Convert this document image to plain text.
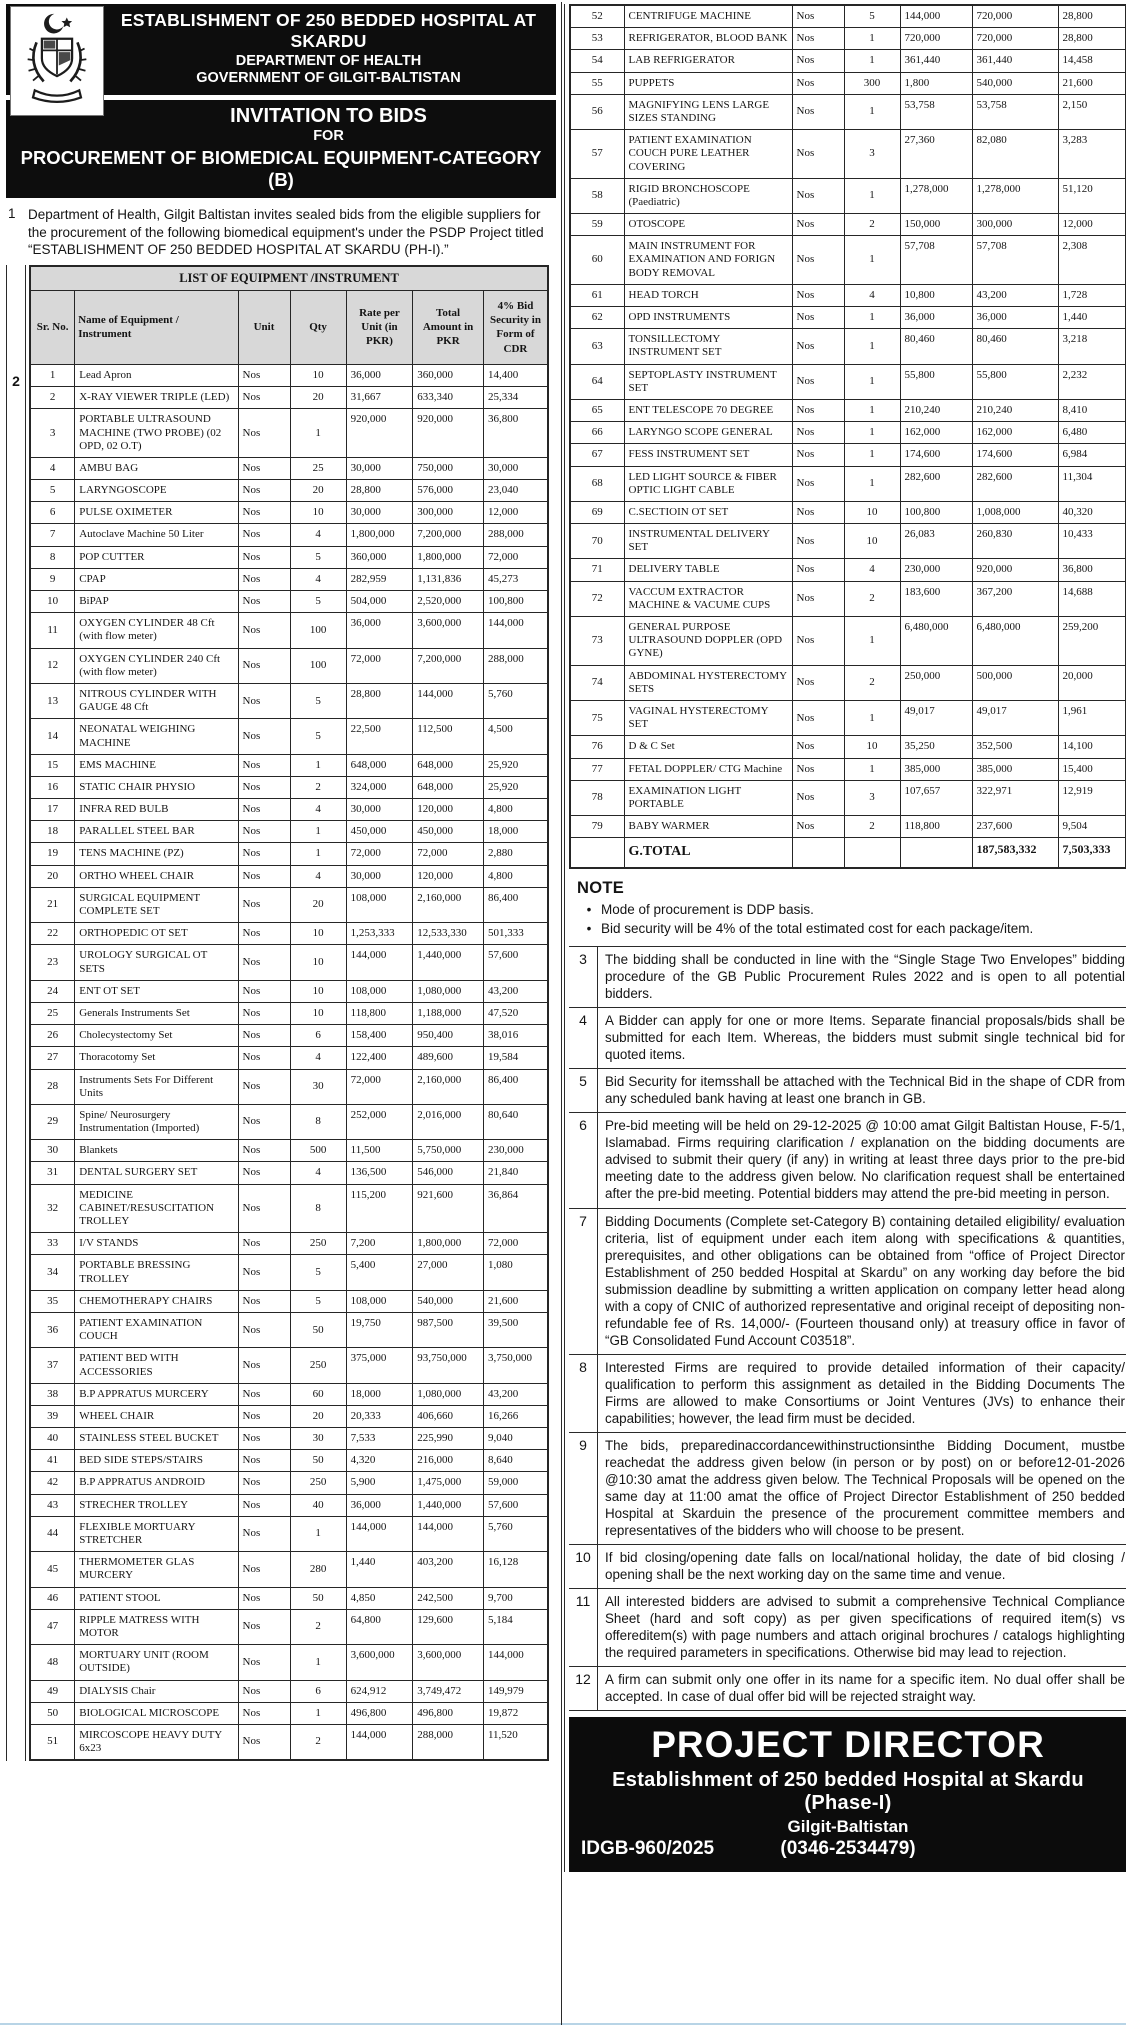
ESTABLISHMENT OF 250 BEDDED HOSPITAL AT SKARDU
DEPARTMENT OF HEALTH
GOVERNMENT OF GILGIT-BALTISTAN
INVITATION TO BIDS
FOR
PROCUREMENT OF BIOMEDICAL EQUIPMENT-CATEGORY (B)
1 Department of Health, Gilgit Baltistan invites sealed bids from the eligible suppliers for the procurement of the following biomedical equipment's under the PSDP Project titled “ESTABLISHMENT OF 250 BEDDED HOSPITAL AT SKARDU (PH-I).”
2
LIST OF EQUIPMENT /INSTRUMENT						
Sr. No.	Name of Equipment / Instrument	Unit	Qty	Rate per Unit (in PKR)	Total Amount in PKR	4% Bid Security in Form of CDR
1	Lead Apron	Nos	10	36,000	360,000	14,400
2	X-RAY VIEWER TRIPLE (LED)	Nos	20	31,667	633,340	25,334
3	PORTABLE ULTRASOUND MACHINE (TWO PROBE) (02 OPD, 02 O.T)	Nos	1	920,000	920,000	36,800
4	AMBU BAG	Nos	25	30,000	750,000	30,000
5	LARYNGOSCOPE	Nos	20	28,800	576,000	23,040
6	PULSE OXIMETER	Nos	10	30,000	300,000	12,000
7	Autoclave Machine 50 Liter	Nos	4	1,800,000	7,200,000	288,000
8	POP CUTTER	Nos	5	360,000	1,800,000	72,000
9	CPAP	Nos	4	282,959	1,131,836	45,273
10	BiPAP	Nos	5	504,000	2,520,000	100,800
11	OXYGEN CYLINDER 48 Cft (with flow meter)	Nos	100	36,000	3,600,000	144,000
12	OXYGEN CYLINDER 240 Cft (with flow meter)	Nos	100	72,000	7,200,000	288,000
13	NITROUS CYLINDER WITH GAUGE 48 Cft	Nos	5	28,800	144,000	5,760
14	NEONATAL WEIGHING MACHINE	Nos	5	22,500	112,500	4,500
15	EMS MACHINE	Nos	1	648,000	648,000	25,920
16	STATIC CHAIR PHYSIO	Nos	2	324,000	648,000	25,920
17	INFRA RED BULB	Nos	4	30,000	120,000	4,800
18	PARALLEL STEEL BAR	Nos	1	450,000	450,000	18,000
19	TENS MACHINE (PZ)	Nos	1	72,000	72,000	2,880
20	ORTHO WHEEL CHAIR	Nos	4	30,000	120,000	4,800
21	SURGICAL EQUIPMENT COMPLETE SET	Nos	20	108,000	2,160,000	86,400
22	ORTHOPEDIC OT SET	Nos	10	1,253,333	12,533,330	501,333
23	UROLOGY SURGICAL OT SETS	Nos	10	144,000	1,440,000	57,600
24	ENT OT SET	Nos	10	108,000	1,080,000	43,200
25	Generals Instruments Set	Nos	10	118,800	1,188,000	47,520
26	Cholecystectomy Set	Nos	6	158,400	950,400	38,016
27	Thoracotomy Set	Nos	4	122,400	489,600	19,584
28	Instruments Sets For Different Units	Nos	30	72,000	2,160,000	86,400
29	Spine/ Neurosurgery Instrumentation (Imported)	Nos	8	252,000	2,016,000	80,640
30	Blankets	Nos	500	11,500	5,750,000	230,000
31	DENTAL SURGERY SET	Nos	4	136,500	546,000	21,840
32	MEDICINE CABINET/RESUSCITATION TROLLEY	Nos	8	115,200	921,600	36,864
33	I/V STANDS	Nos	250	7,200	1,800,000	72,000
34	PORTABLE BRESSING TROLLEY	Nos	5	5,400	27,000	1,080
35	CHEMOTHERAPY CHAIRS	Nos	5	108,000	540,000	21,600
36	PATIENT EXAMINATION COUCH	Nos	50	19,750	987,500	39,500
37	PATIENT BED WITH ACCESSORIES	Nos	250	375,000	93,750,000	3,750,000
38	B.P APPRATUS MURCERY	Nos	60	18,000	1,080,000	43,200
39	WHEEL CHAIR	Nos	20	20,333	406,660	16,266
40	STAINLESS STEEL BUCKET	Nos	30	7,533	225,990	9,040
41	BED SIDE STEPS/STAIRS	Nos	50	4,320	216,000	8,640
42	B.P APPRATUS ANDROID	Nos	250	5,900	1,475,000	59,000
43	STRECHER TROLLEY	Nos	40	36,000	1,440,000	57,600
44	FLEXIBLE MORTUARY STRETCHER	Nos	1	144,000	144,000	5,760
45	THERMOMETER GLAS MURCERY	Nos	280	1,440	403,200	16,128
46	PATIENT STOOL	Nos	50	4,850	242,500	9,700
47	RIPPLE MATRESS WITH MOTOR	Nos	2	64,800	129,600	5,184
48	MORTUARY UNIT (ROOM OUTSIDE)	Nos	1	3,600,000	3,600,000	144,000
49	DIALYSIS Chair	Nos	6	624,912	3,749,472	149,979
50	BIOLOGICAL MICROSCOPE	Nos	1	496,800	496,800	19,872
51	MIRCOSCOPE HEAVY DUTY 6x23	Nos	2	144,000	288,000	11,520
52	CENTRIFUGE MACHINE	Nos	5	144,000	720,000	28,800
53	REFRIGERATOR, BLOOD BANK	Nos	1	720,000	720,000	28,800
54	LAB REFRIGERATOR	Nos	1	361,440	361,440	14,458
55	PUPPETS	Nos	300	1,800	540,000	21,600
56	MAGNIFYING LENS LARGE SIZES STANDING	Nos	1	53,758	53,758	2,150
57	PATIENT EXAMINATION COUCH PURE LEATHER COVERING	Nos	3	27,360	82,080	3,283
58	RIGID BRONCHOSCOPE (Paediatric)	Nos	1	1,278,000	1,278,000	51,120
59	OTOSCOPE	Nos	2	150,000	300,000	12,000
60	MAIN INSTRUMENT FOR EXAMINATION AND FORIGN BODY REMOVAL	Nos	1	57,708	57,708	2,308
61	HEAD TORCH	Nos	4	10,800	43,200	1,728
62	OPD INSTRUMENTS	Nos	1	36,000	36,000	1,440
63	TONSILLECTOMY INSTRUMENT SET	Nos	1	80,460	80,460	3,218
64	SEPTOPLASTY INSTRUMENT SET	Nos	1	55,800	55,800	2,232
65	ENT TELESCOPE 70 DEGREE	Nos	1	210,240	210,240	8,410
66	LARYNGO SCOPE GENERAL	Nos	1	162,000	162,000	6,480
67	FESS INSTRUMENT SET	Nos	1	174,600	174,600	6,984
68	LED LIGHT SOURCE & FIBER OPTIC LIGHT CABLE	Nos	1	282,600	282,600	11,304
69	C.SECTIOIN OT SET	Nos	10	100,800	1,008,000	40,320
70	INSTRUMENTAL DELIVERY SET	Nos	10	26,083	260,830	10,433
71	DELIVERY TABLE	Nos	4	230,000	920,000	36,800
72	VACCUM EXTRACTOR MACHINE & VACUME CUPS	Nos	2	183,600	367,200	14,688
73	GENERAL PURPOSE ULTRASOUND DOPPLER (OPD GYNE)	Nos	1	6,480,000	6,480,000	259,200
74	ABDOMINAL HYSTERECTOMY SETS	Nos	2	250,000	500,000	20,000
75	VAGINAL HYSTERECTOMY SET	Nos	1	49,017	49,017	1,961
76	D & C Set	Nos	10	35,250	352,500	14,100
77	FETAL DOPPLER/ CTG Machine	Nos	1	385,000	385,000	15,400
78	EXAMINATION LIGHT PORTABLE	Nos	3	107,657	322,971	12,919
79	BABY WARMER	Nos	2	118,800	237,600	9,504
	G.TOTAL				187,583,332	7,503,333
NOTE
• Mode of procurement is DDP basis.
• Bid security will be 4% of the total estimated cost for each package/item.
3	The bidding shall be conducted in line with the “Single Stage Two Envelopes” bidding procedure of the GB Public Procurement Rules 2022 and is open to all potential bidders.
4	A Bidder can apply for one or more Items. Separate financial proposals/bids shall be submitted for each Item. Whereas, the bidders must submit single technical bid for quoted items.
5	Bid Security for itemsshall be attached with the Technical Bid in the shape of CDR from any scheduled bank having at least one branch in GB.
6	Pre-bid meeting will be held on 29-12-2025 @ 10:00 amat Gilgit Baltistan House, F-5/1, Islamabad. Firms requiring clarification / explanation on the bidding documents are advised to submit their query (if any) in writing at least three days prior to the pre-bid meeting date to the address given below. No clarification request shall be entertained after the pre-bid meeting. Potential bidders may attend the pre-bid meeting in person.
7	Bidding Documents (Complete set-Category B) containing detailed eligibility/ evaluation criteria, list of equipment under each item along with specifications & quantities, prerequisites, and other obligations can be obtained from “office of Project Director Establishment of 250 bedded Hospital at Skardu” on any working day before the bid submission deadline by submitting a written application on company letter head along with a copy of CNIC of authorized representative and original receipt of depositing non-refundable fee of Rs. 14,000/- (Fourteen thousand only) at treasury office in favor of “GB Consolidated Fund Account C03518”.
8	Interested Firms are required to provide detailed information of their capacity/ qualification to perform this assignment as detailed in the Bidding Documents The Firms are allowed to make Consortiums or Joint Ventures (JVs) to enhance their capabilities; however, the lead firm must be decided.
9	The bids, preparedinaccordancewithinstructionsinthe Bidding Document, mustbe reachedat the address given below (in person or by post) on or before12-01-2026 @10:30 amat the address given below. The Technical Proposals will be opened on the same day at 11:00 amat the office of Project Director Establishment of 250 bedded Hospital at Skarduin the presence of the procurement committee members and representatives of the bidders who will choose to be present.
10	If bid closing/opening date falls on local/national holiday, the date of bid closing / opening shall be the next working day on the same time and venue.
11	All interested bidders are advised to submit a comprehensive Technical Compliance Sheet (hard and soft copy) as per given specifications of required item(s) vs offereditem(s) with page numbers and attach original brochures / catalogs highlighting the required parameters in specifications. Otherwise bid may lead to rejection.
12	A firm can submit only one offer in its name for a specific item. No dual offer shall be accepted. In case of dual offer bid will be rejected straight way.
PROJECT DIRECTOR
Establishment of 250 bedded Hospital at Skardu (Phase-I)
Gilgit-Baltistan
(0346-2534479)
IDGB-960/2025
